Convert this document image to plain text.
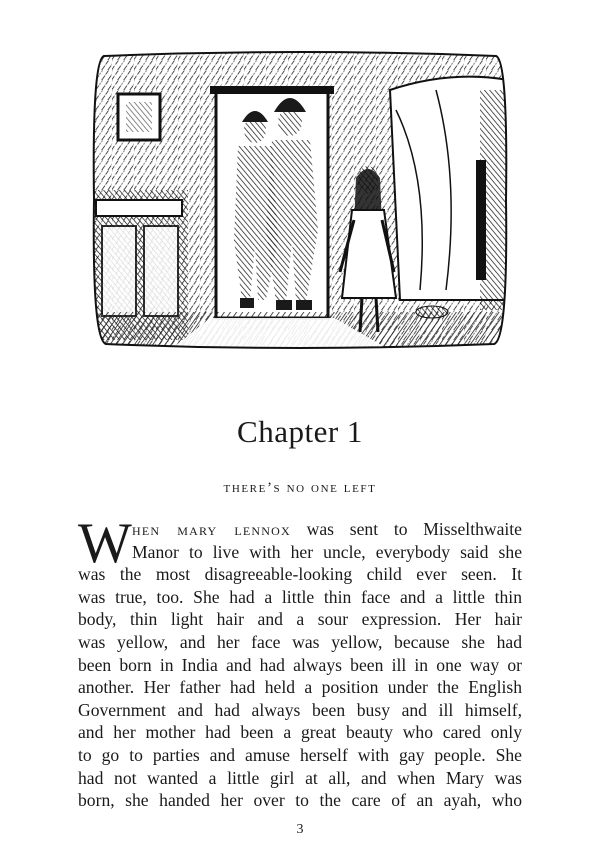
Chapter 1
there’s no one left
W hen mary lennox was sent to Misselthwaite
Manor to live with her uncle, everybody said she
was the most disagreeable-looking child ever seen. It
was true, too. She had a little thin face and a little thin
body, thin light hair and a sour expression. Her hair
was yellow, and her face was yellow, because she had
been born in India and had always been ill in one way or
another. Her father had held a position under the English
Government and had always been busy and ill himself,
and her mother had been a great beauty who cared only
to go to parties and amuse herself with gay people. She
had not wanted a little girl at all, and when Mary was
born, she handed her over to the care of an ayah, who
3
